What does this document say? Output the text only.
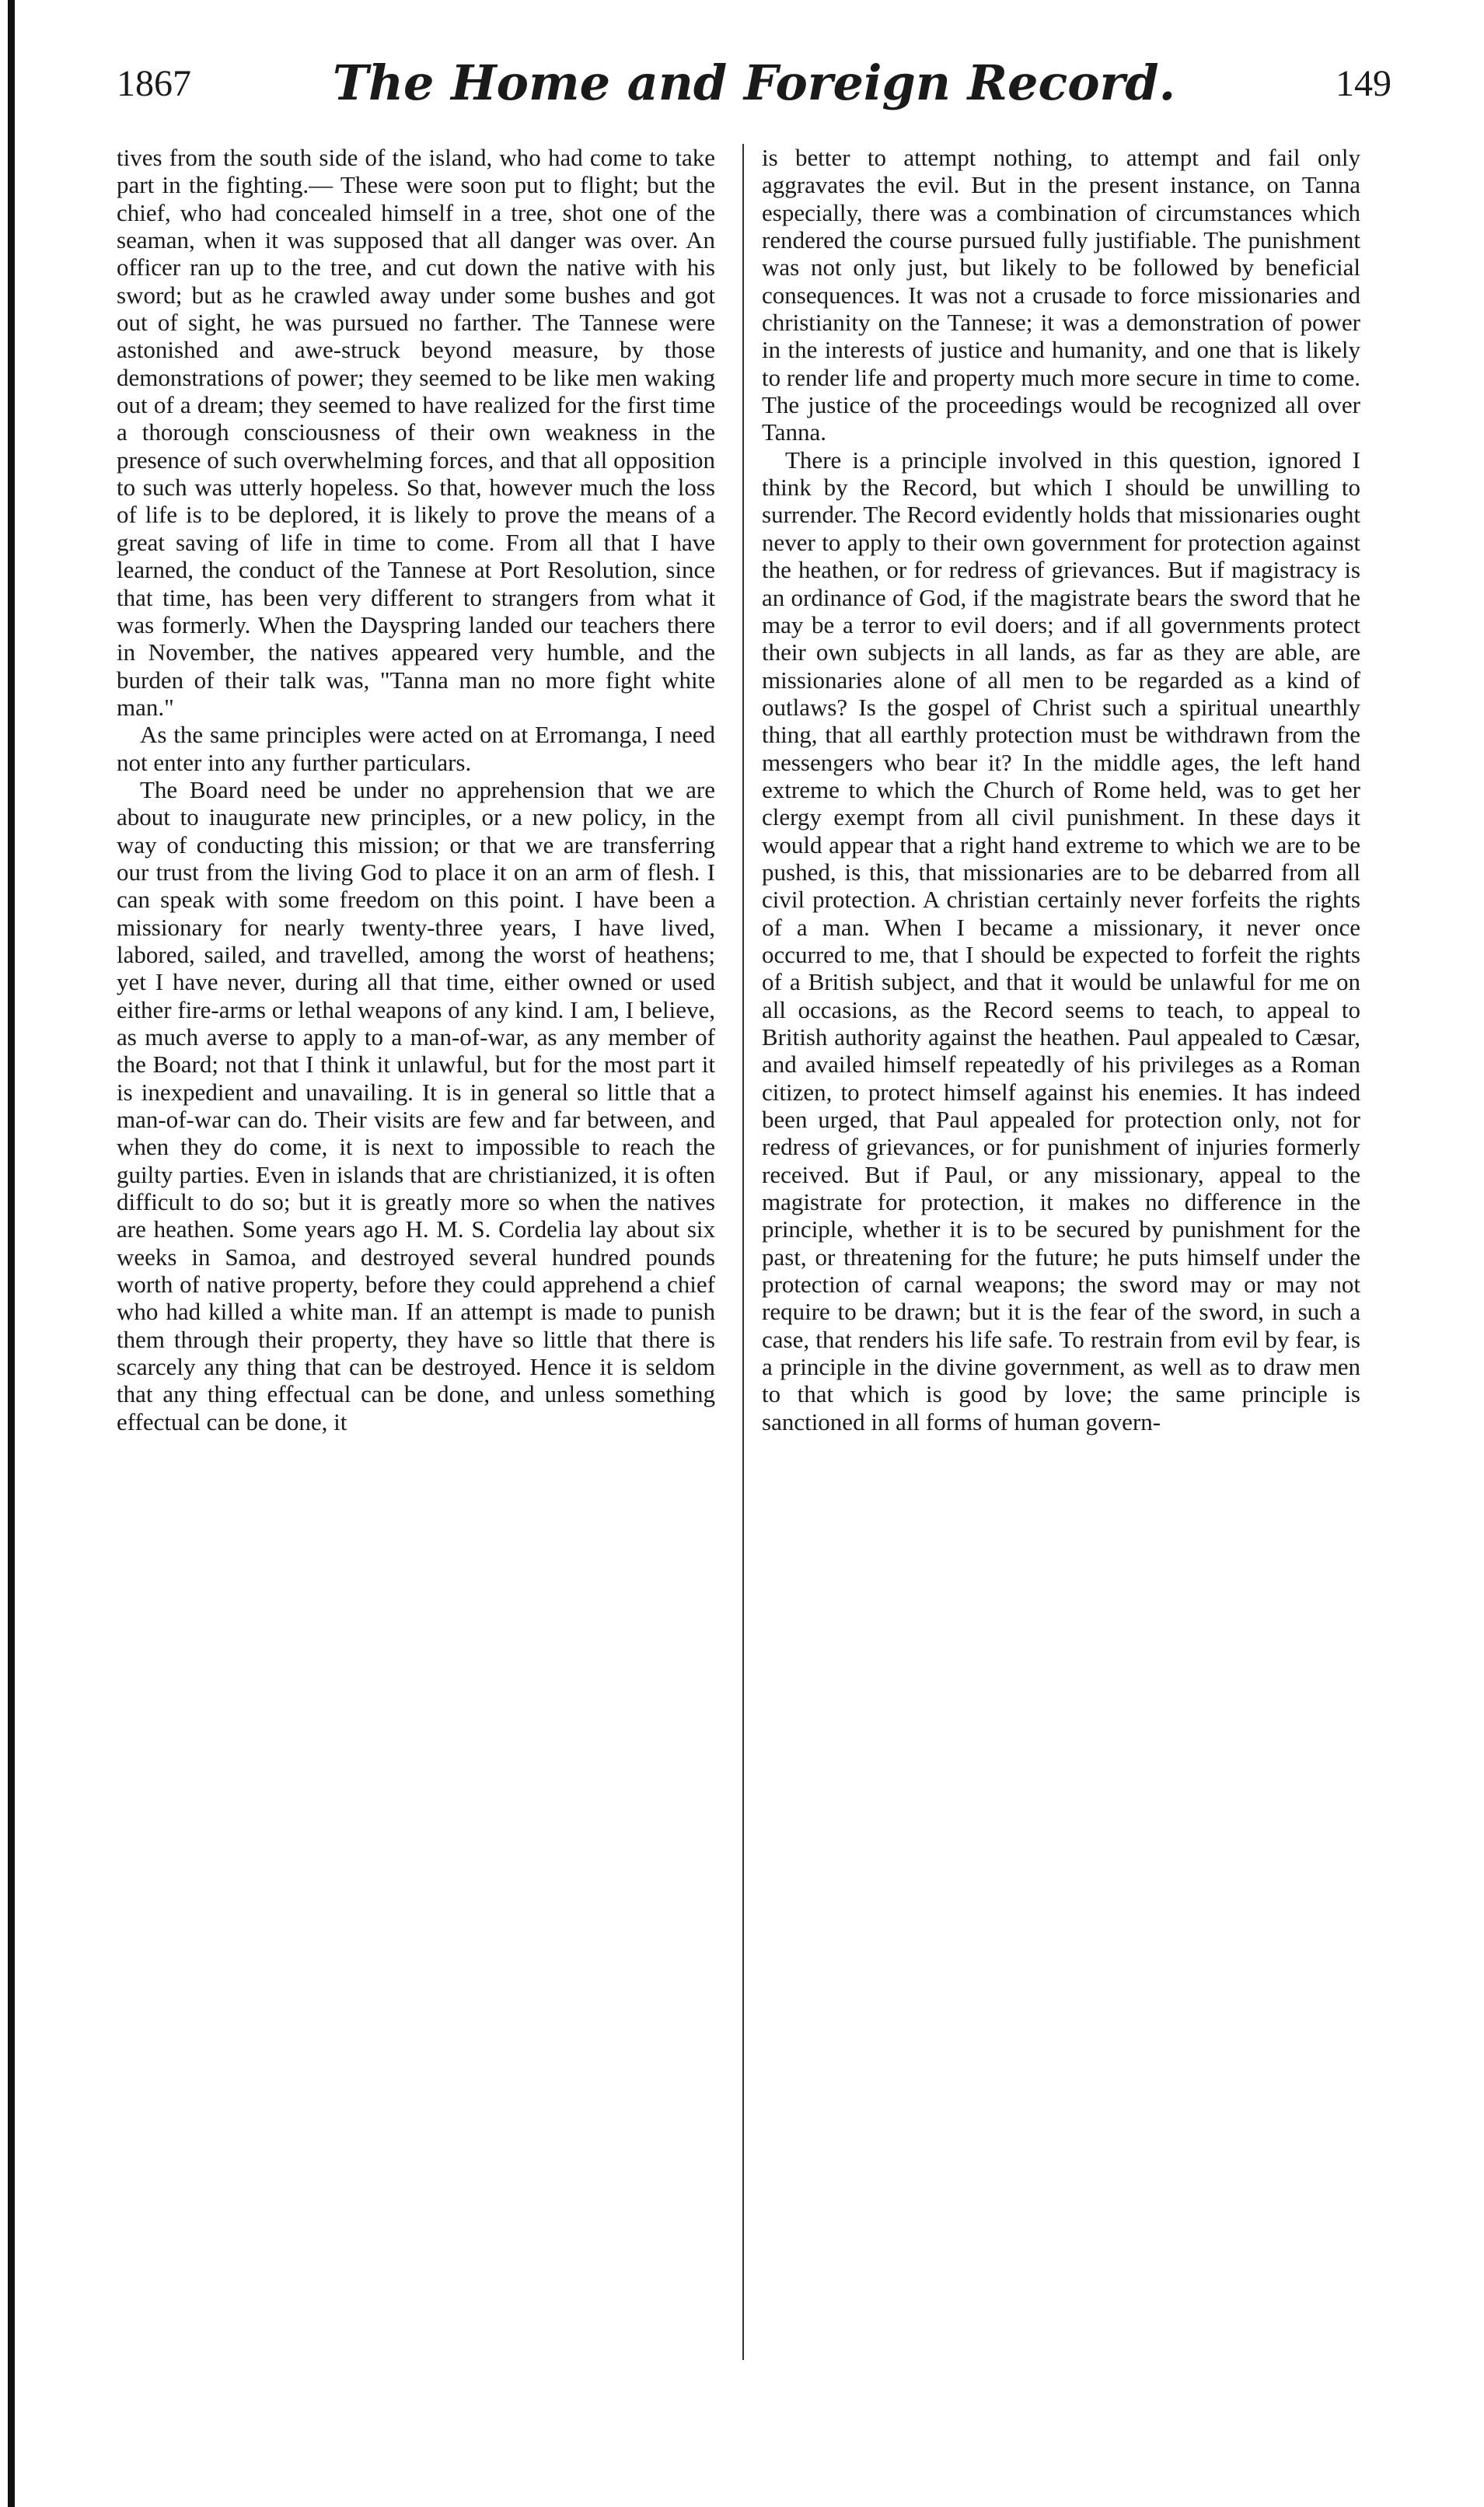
1867	The Home and Foreign Record.	149

tives from the south side of the island, who had come to take part in the fighting.— These were soon put to flight; but the chief, who had concealed himself in a tree, shot one of the seaman, when it was supposed that all danger was over. An officer ran up to the tree, and cut down the native with his sword; but as he crawled away under some bushes and got out of sight, he was pursued no farther. The Tannese were astonished and awe-struck beyond measure, by those demonstrations of power; they seemed to be like men waking out of a dream; they seemed to have realized for the first time a thorough consciousness of their own weakness in the presence of such overwhelming forces, and that all opposition to such was utterly hopeless. So that, however much the loss of life is to be deplored, it is likely to prove the means of a great saving of life in time to come. From all that I have learned, the conduct of the Tannese at Port Resolution, since that time, has been very different to strangers from what it was formerly. When the Dayspring landed our teachers there in November, the natives appeared very humble, and the burden of their talk was, "Tanna man no more fight white man."

As the same principles were acted on at Erromanga, I need not enter into any further particulars.

The Board need be under no apprehension that we are about to inaugurate new principles, or a new policy, in the way of conducting this mission; or that we are transferring our trust from the living God to place it on an arm of flesh. I can speak with some freedom on this point. I have been a missionary for nearly twenty-three years, I have lived, labored, sailed, and travelled, among the worst of heathens; yet I have never, during all that time, either owned or used either fire-arms or lethal weapons of any kind. I am, I believe, as much averse to apply to a man-of-war, as any member of the Board; not that I think it unlawful, but for the most part it is inexpedient and unavailing. It is in general so little that a man-of-war can do. Their visits are few and far between, and when they do come, it is next to impossible to reach the guilty parties. Even in islands that are christianized, it is often difficult to do so; but it is greatly more so when the natives are heathen. Some years ago H. M. S. Cordelia lay about six weeks in Samoa, and destroyed several hundred pounds worth of native property, before they could apprehend a chief who had killed a white man. If an attempt is made to punish them through their property, they have so little that there is scarcely any thing that can be destroyed. Hence it is seldom that any thing effectual can be done, and unless something effectual can be done, it

is better to attempt nothing, to attempt and fail only aggravates the evil. But in the present instance, on Tanna especially, there was a combination of circumstances which rendered the course pursued fully justifiable. The punishment was not only just, but likely to be followed by beneficial consequences. It was not a crusade to force missionaries and christianity on the Tannese; it was a demonstration of power in the interests of justice and humanity, and one that is likely to render life and property much more secure in time to come. The justice of the proceedings would be recognized all over Tanna.

There is a principle involved in this question, ignored I think by the Record, but which I should be unwilling to surrender. The Record evidently holds that missionaries ought never to apply to their own government for protection against the heathen, or for redress of grievances. But if magistracy is an ordinance of God, if the magistrate bears the sword that he may be a terror to evil doers; and if all governments protect their own subjects in all lands, as far as they are able, are missionaries alone of all men to be regarded as a kind of outlaws? Is the gospel of Christ such a spiritual unearthly thing, that all earthly protection must be withdrawn from the messengers who bear it? In the middle ages, the left hand extreme to which the Church of Rome held, was to get her clergy exempt from all civil punishment. In these days it would appear that a right hand extreme to which we are to be pushed, is this, that missionaries are to be debarred from all civil protection. A christian certainly never forfeits the rights of a man. When I became a missionary, it never once occurred to me, that I should be expected to forfeit the rights of a British subject, and that it would be unlawful for me on all occasions, as the Record seems to teach, to appeal to British authority against the heathen. Paul appealed to Cæsar, and availed himself repeatedly of his privileges as a Roman citizen, to protect himself against his enemies. It has indeed been urged, that Paul appealed for protection only, not for redress of grievances, or for punishment of injuries formerly received. But if Paul, or any missionary, appeal to the magistrate for protection, it makes no difference in the principle, whether it is to be secured by punishment for the past, or threatening for the future; he puts himself under the protection of carnal weapons; the sword may or may not require to be drawn; but it is the fear of the sword, in such a case, that renders his life safe. To restrain from evil by fear, is a principle in the divine government, as well as to draw men to that which is good by love; the same principle is sanctioned in all forms of human govern-
